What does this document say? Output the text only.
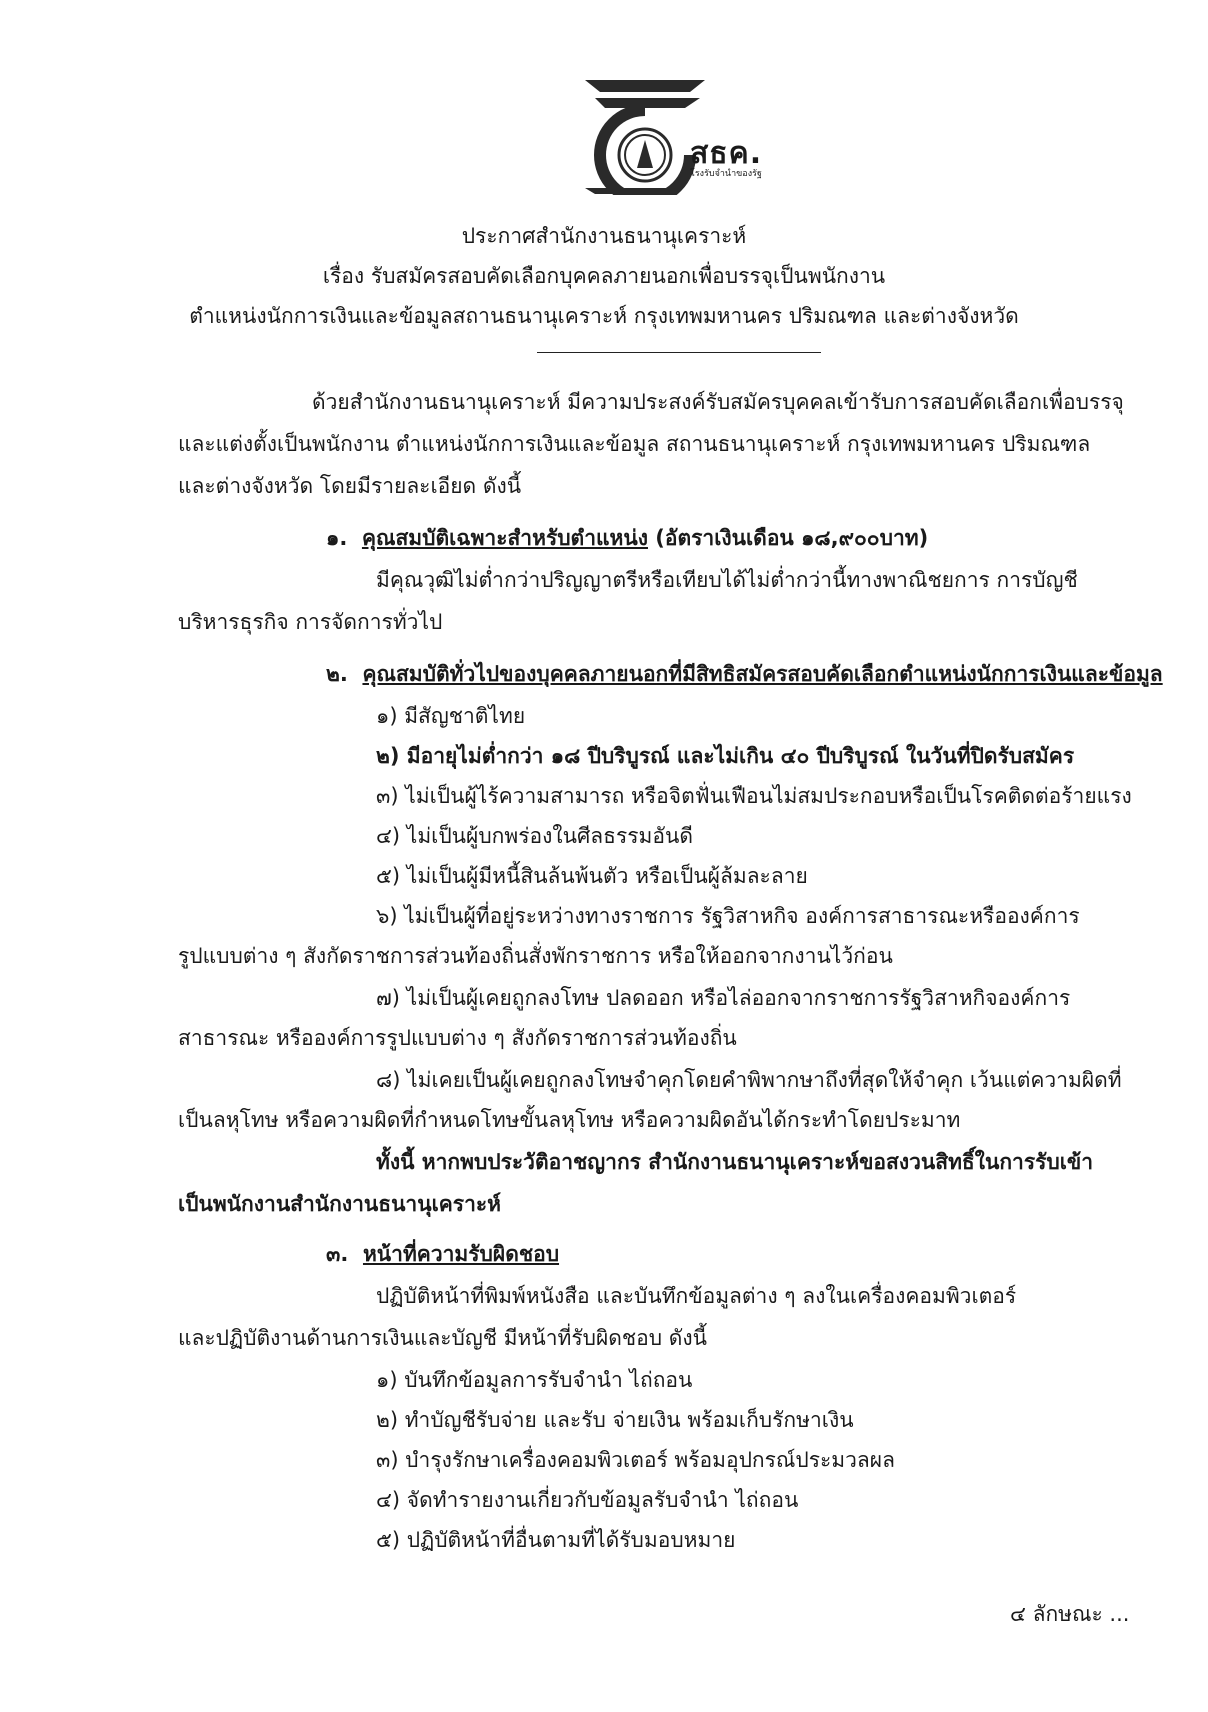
สธค.
โรงรับจำนำของรัฐ
ประกาศสำนักงานธนานุเคราะห์
เรื่อง รับสมัครสอบคัดเลือกบุคคลภายนอกเพื่อบรรจุเป็นพนักงาน
ตำแหน่งนักการเงินและข้อมูลสถานธนานุเคราะห์ กรุงเทพมหานคร ปริมณฑล และต่างจังหวัด
ด้วยสำนักงานธนานุเคราะห์ มีความประสงค์รับสมัครบุคคลเข้ารับการสอบคัดเลือกเพื่อบรรจุ
และแต่งตั้งเป็นพนักงาน ตำแหน่งนักการเงินและข้อมูล สถานธนานุเคราะห์ กรุงเทพมหานคร ปริมณฑล
และต่างจังหวัด โดยมีรายละเอียด ดังนี้
๑. คุณสมบัติเฉพาะสำหรับตำแหน่ง (อัตราเงินเดือน ๑๘,๙๐๐บาท)
มีคุณวุฒิไม่ต่ำกว่าปริญญาตรีหรือเทียบได้ไม่ต่ำกว่านี้ทางพาณิชยการ การบัญชี
บริหารธุรกิจ การจัดการทั่วไป
๒. คุณสมบัติทั่วไปของบุคคลภายนอกที่มีสิทธิสมัครสอบคัดเลือกตำแหน่งนักการเงินและข้อมูล
๑) มีสัญชาติไทย
๒) มีอายุไม่ต่ำกว่า ๑๘ ปีบริบูรณ์ และไม่เกิน ๔๐ ปีบริบูรณ์ ในวันที่ปิดรับสมัคร
๓) ไม่เป็นผู้ไร้ความสามารถ หรือจิตฟั่นเฟือนไม่สมประกอบหรือเป็นโรคติดต่อร้ายแรง
๔) ไม่เป็นผู้บกพร่องในศีลธรรมอันดี
๕) ไม่เป็นผู้มีหนี้สินล้นพ้นตัว หรือเป็นผู้ล้มละลาย
๖) ไม่เป็นผู้ที่อยู่ระหว่างทางราชการ รัฐวิสาหกิจ องค์การสาธารณะหรือองค์การ
รูปแบบต่าง ๆ สังกัดราชการส่วนท้องถิ่นสั่งพักราชการ หรือให้ออกจากงานไว้ก่อน
๗) ไม่เป็นผู้เคยถูกลงโทษ ปลดออก หรือไล่ออกจากราชการรัฐวิสาหกิจองค์การ
สาธารณะ หรือองค์การรูปแบบต่าง ๆ สังกัดราชการส่วนท้องถิ่น
๘) ไม่เคยเป็นผู้เคยถูกลงโทษจำคุกโดยคำพิพากษาถึงที่สุดให้จำคุก เว้นแต่ความผิดที่
เป็นลหุโทษ หรือความผิดที่กำหนดโทษขั้นลหุโทษ หรือความผิดอันได้กระทำโดยประมาท
ทั้งนี้ หากพบประวัติอาชญากร สำนักงานธนานุเคราะห์ขอสงวนสิทธิ์ในการรับเข้า
เป็นพนักงานสำนักงานธนานุเคราะห์
๓. หน้าที่ความรับผิดชอบ
ปฏิบัติหน้าที่พิมพ์หนังสือ และบันทึกข้อมูลต่าง ๆ ลงในเครื่องคอมพิวเตอร์
และปฏิบัติงานด้านการเงินและบัญชี มีหน้าที่รับผิดชอบ ดังนี้
๑) บันทึกข้อมูลการรับจำนำ ไถ่ถอน
๒) ทำบัญชีรับจ่าย และรับ จ่ายเงิน พร้อมเก็บรักษาเงิน
๓) บำรุงรักษาเครื่องคอมพิวเตอร์ พร้อมอุปกรณ์ประมวลผล
๔) จัดทำรายงานเกี่ยวกับข้อมูลรับจำนำ ไถ่ถอน
๕) ปฏิบัติหน้าที่อื่นตามที่ได้รับมอบหมาย
๔ ลักษณะ ...
